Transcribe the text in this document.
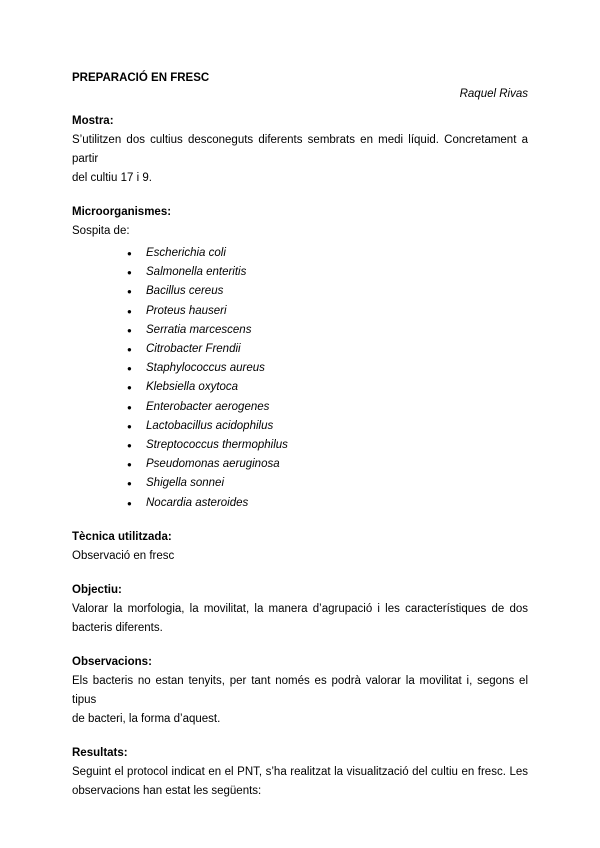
PREPARACIÓ EN FRESC

Raquel Rivas

Mostra:

S’utilitzen dos cultius desconeguts diferents sembrats en medi líquid. Concretament a partir

del cultiu 17 i 9.

Microorganismes:

Sospita de:

● Escherichia coli
● Salmonella enteritis
● Bacillus cereus
● Proteus hauseri
● Serratia marcescens
● Citrobacter Frendii
● Staphylococcus aureus
● Klebsiella oxytoca
● Enterobacter aerogenes
● Lactobacillus acidophilus
● Streptococcus thermophilus
● Pseudomonas aeruginosa
● Shigella sonnei
● Nocardia asteroides

Tècnica utilitzada:

Observació en fresc

Objectiu:

Valorar la morfologia, la movilitat, la manera d’agrupació i les característiques de dos

bacteris diferents.

Observacions:

Els bacteris no estan tenyits, per tant només es podrà valorar la movilitat i, segons el tipus

de bacteri, la forma d’aquest.

Resultats:

Seguint el protocol indicat en el PNT, s’ha realitzat la visualització del cultiu en fresc. Les

observacions han estat les següents:
